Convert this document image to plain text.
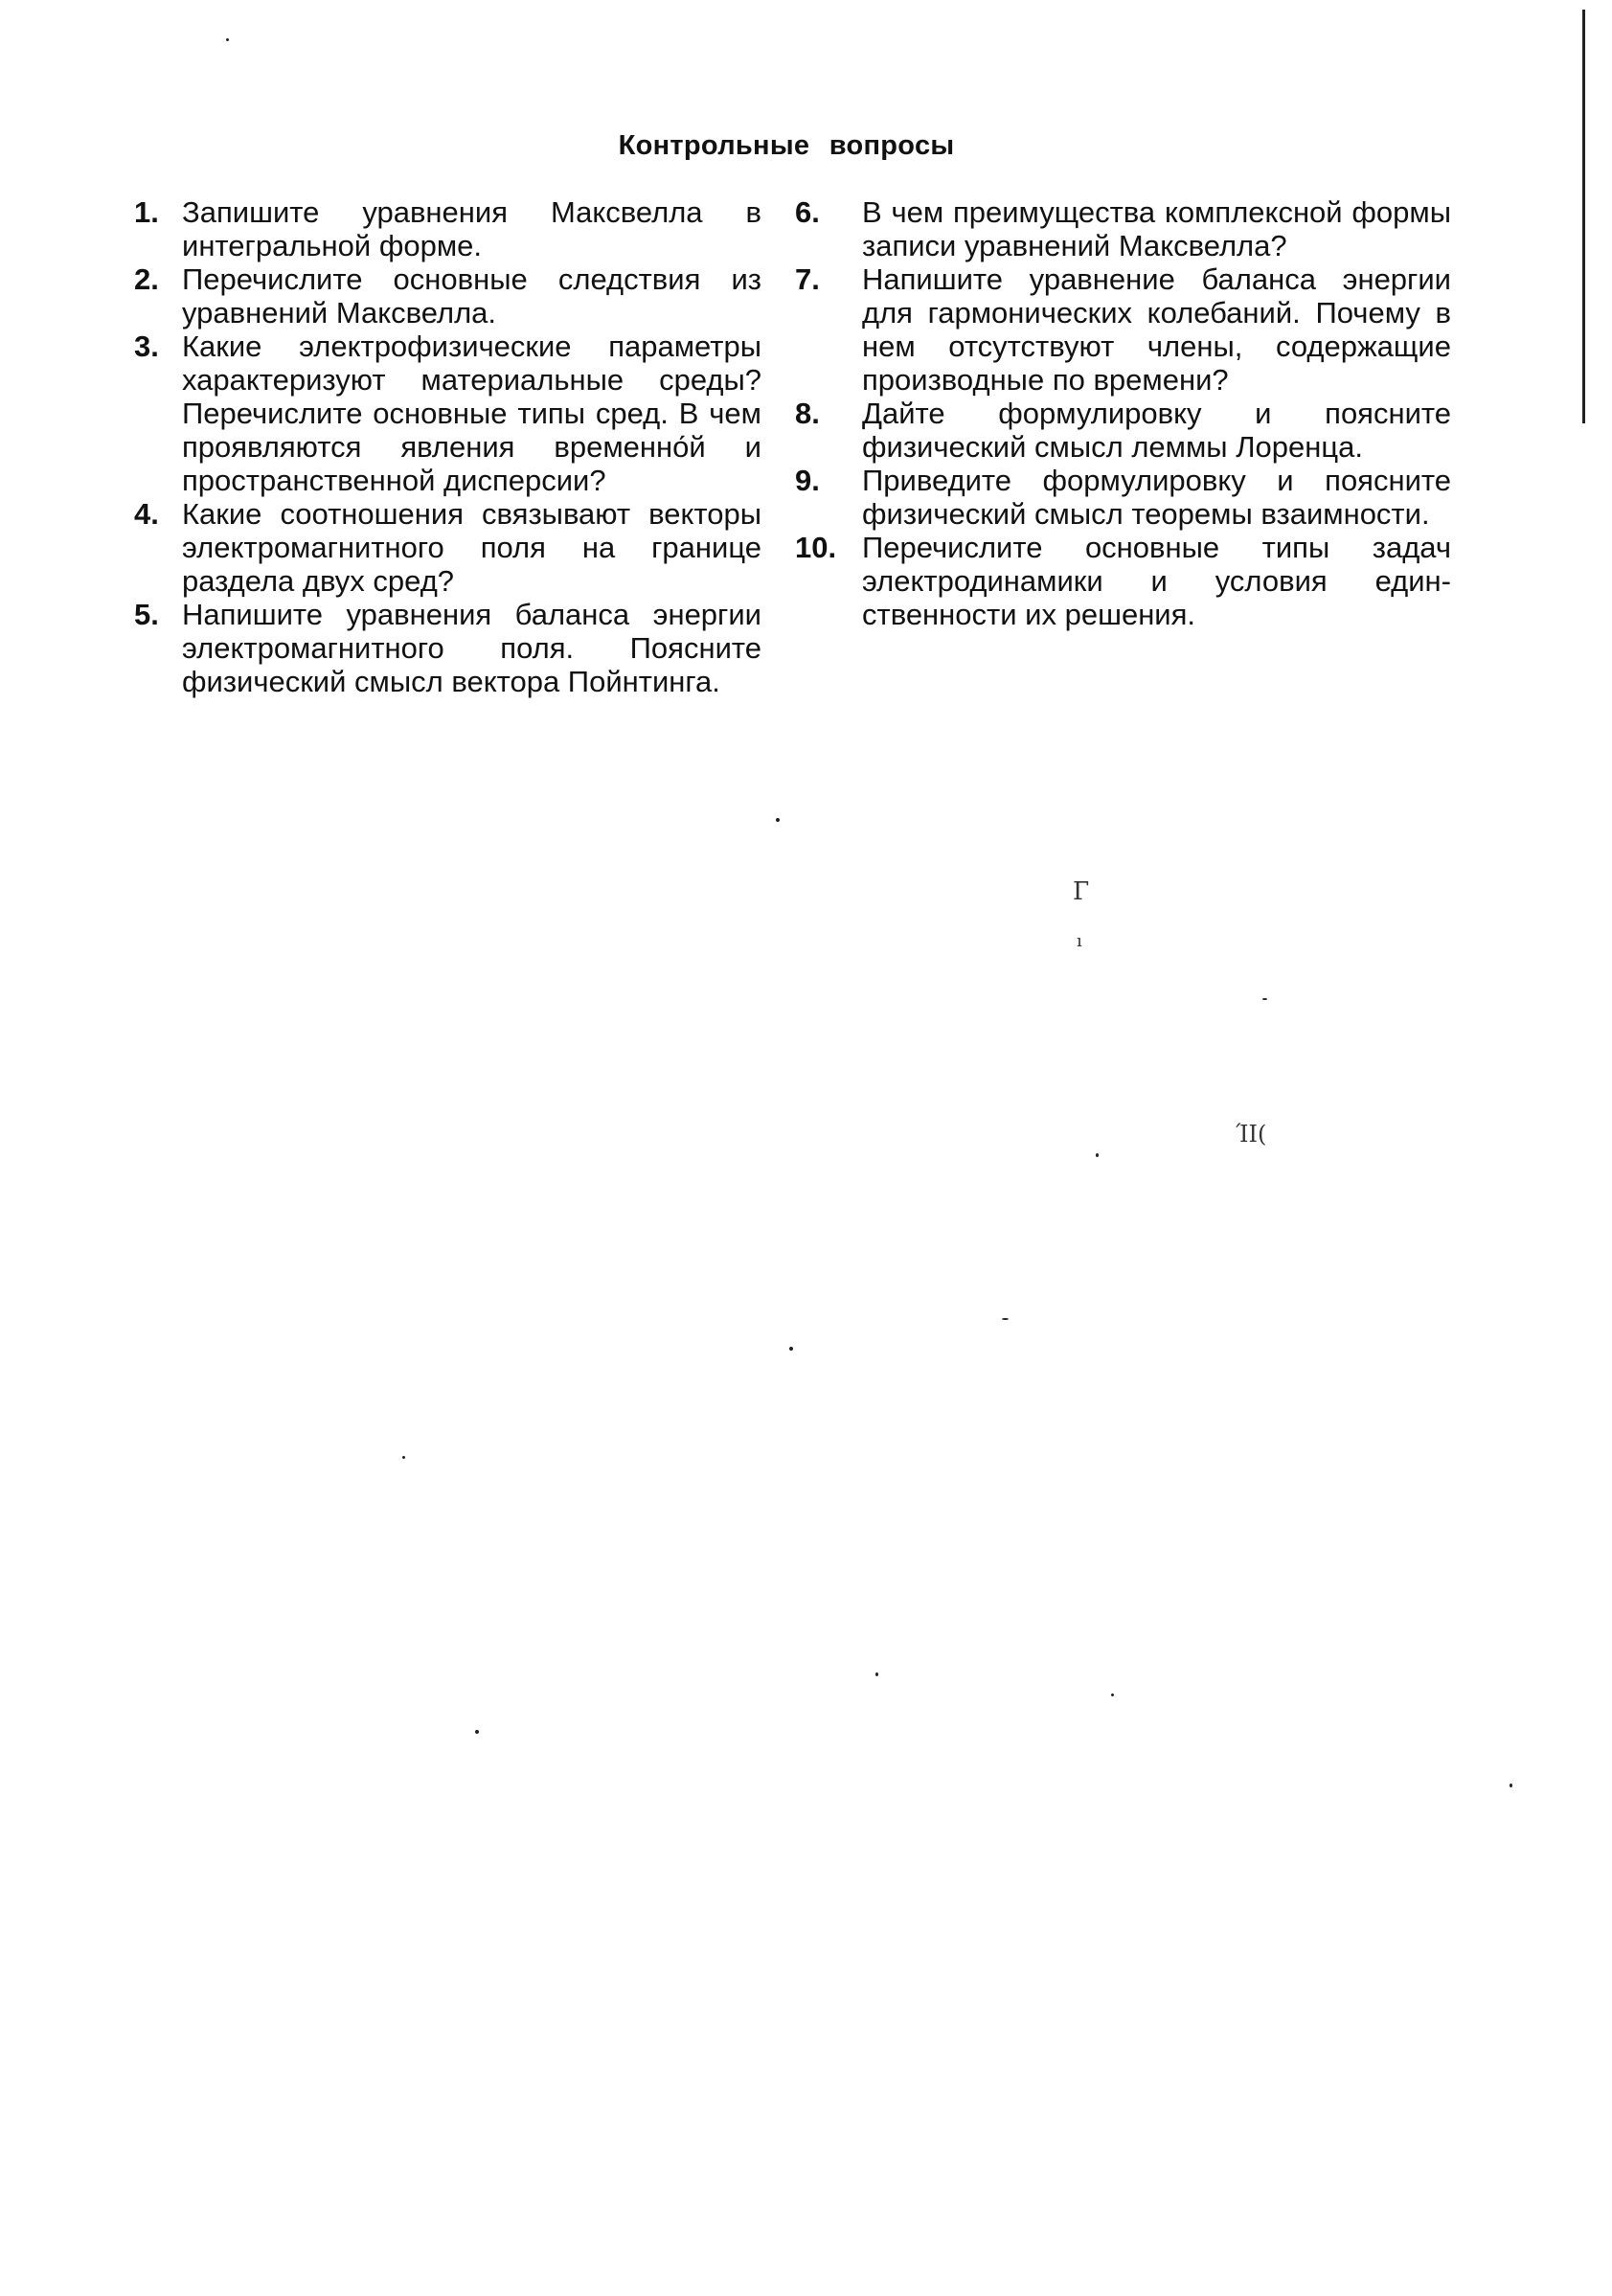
Контрольные вопросы
1. Запишите уравнения Максвелла в интегральной форме.
2. Перечислите основные следствия из уравнений Максвелла.
3. Какие электрофизические параметры характеризуют материальные среды? Перечислите основные типы сред. В чем проявляются явления временно́й и пространственной дисперсии?
4. Какие соотношения связывают векторы электромагнитного поля на границе раздела двух сред?
5. Напишите уравнения баланса энергии электромагнитного поля. Поясните физический смысл вектора Пойнтинга.
6.	В чем преимущества комплексной формы записи уравнений Максвелла?
7.	Напишите уравнение баланса энергии для гармонических колебаний. Почему в нем отсутствуют члены, содержащие производные по времени?
8.	Дайте формулировку и поясните физический смысл леммы Лоренца.
9.	Приведите формулировку и поясните физический смысл теоремы взаимности.
10. Перечислите основные типы задач электродинамики и условия единственности их решения.
Г
ı
ΊΙ(
